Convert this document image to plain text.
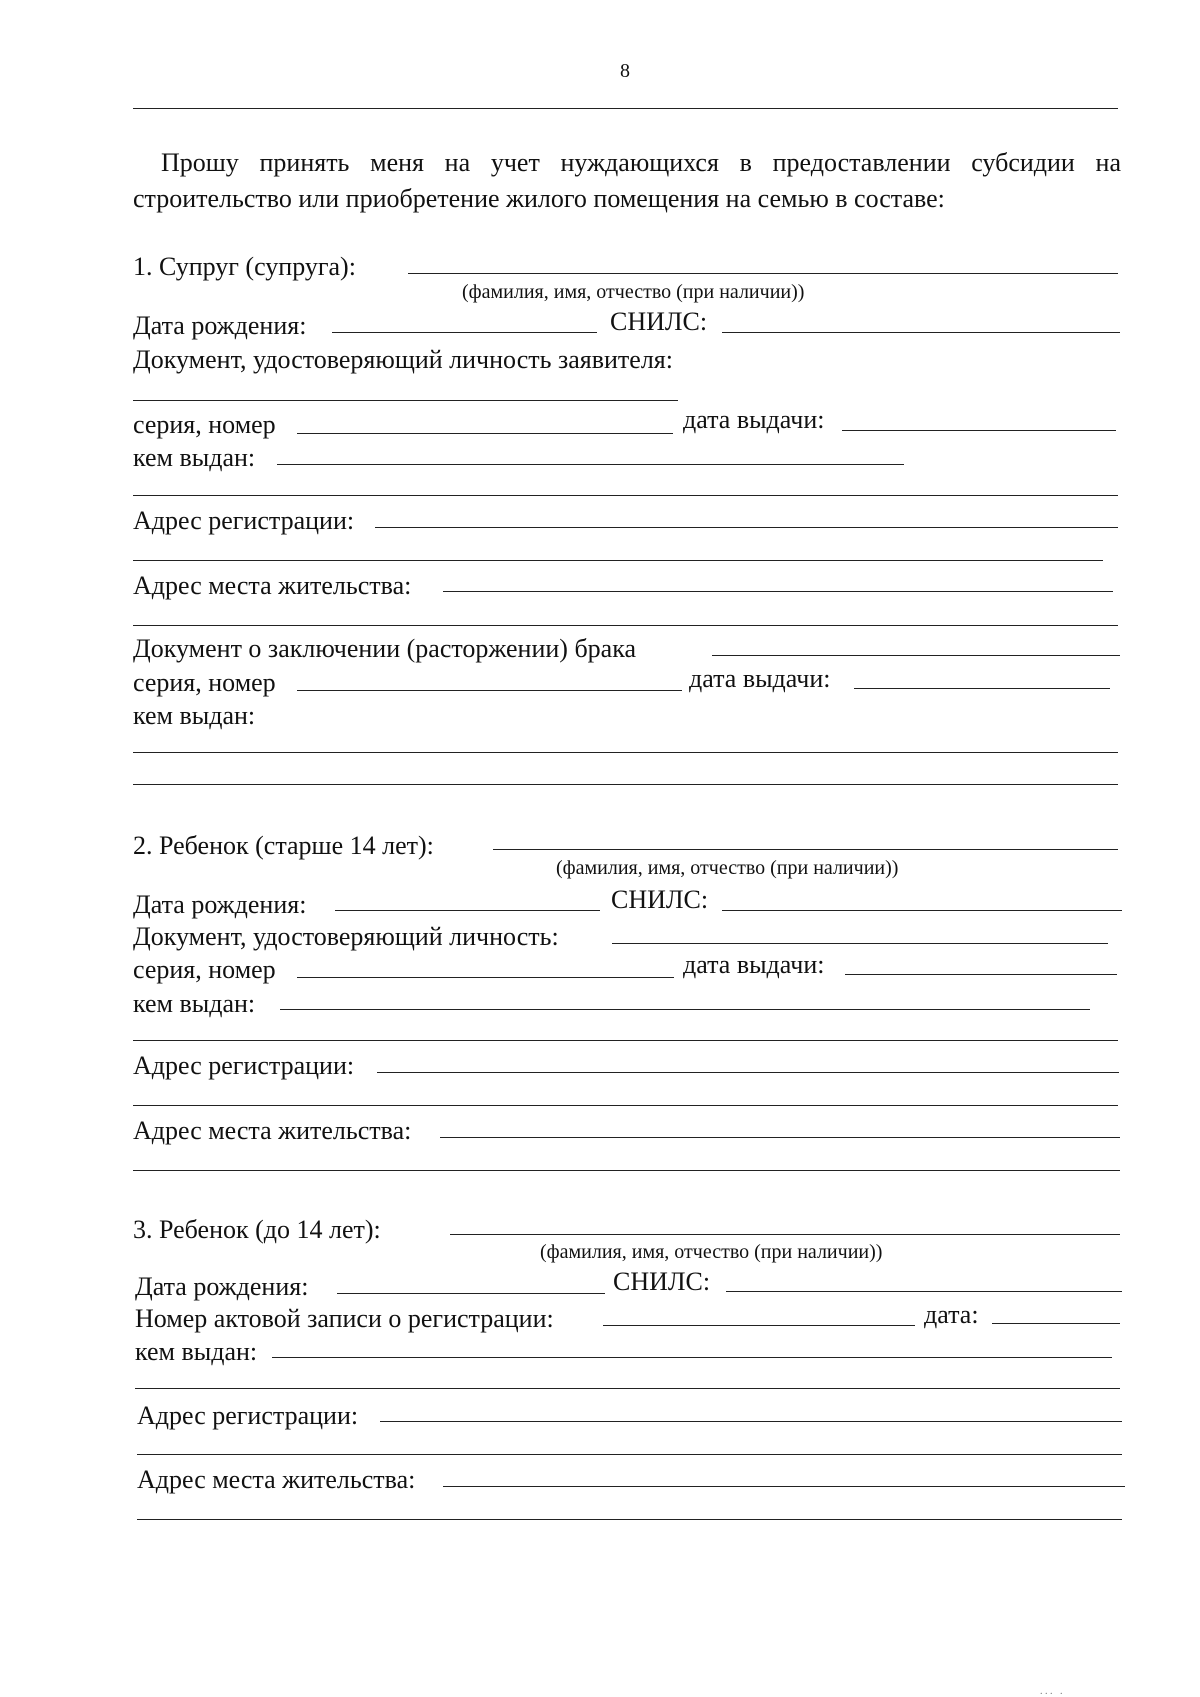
8
Прошу принять меня на учет нуждающихся в предоставлении субсидии на строительство или приобретение жилого помещения на семью в составе:
1. Супруг (супруга):
(фамилия, имя, отчество (при наличии))
Дата рождения:	СНИЛС:
Документ, удостоверяющий личность заявителя:
серия, номер	дата выдачи:
кем выдан:
Адрес регистрации:
Адрес места жительства:
Документ о заключении (расторжении) брака
серия, номер	дата выдачи:
кем выдан:
2. Ребенок (старше 14 лет):
(фамилия, имя, отчество (при наличии))
Дата рождения:	СНИЛС:
Документ, удостоверяющий личность:
серия, номер	дата выдачи:
кем выдан:
Адрес регистрации:
Адрес места жительства:
3. Ребенок (до 14 лет):
(фамилия, имя, отчество (при наличии))
Дата рождения:	СНИЛС:
Номер актовой записи о регистрации:	дата:
кем выдан:
Адрес регистрации:
Адрес места жительства:
. . .   .
